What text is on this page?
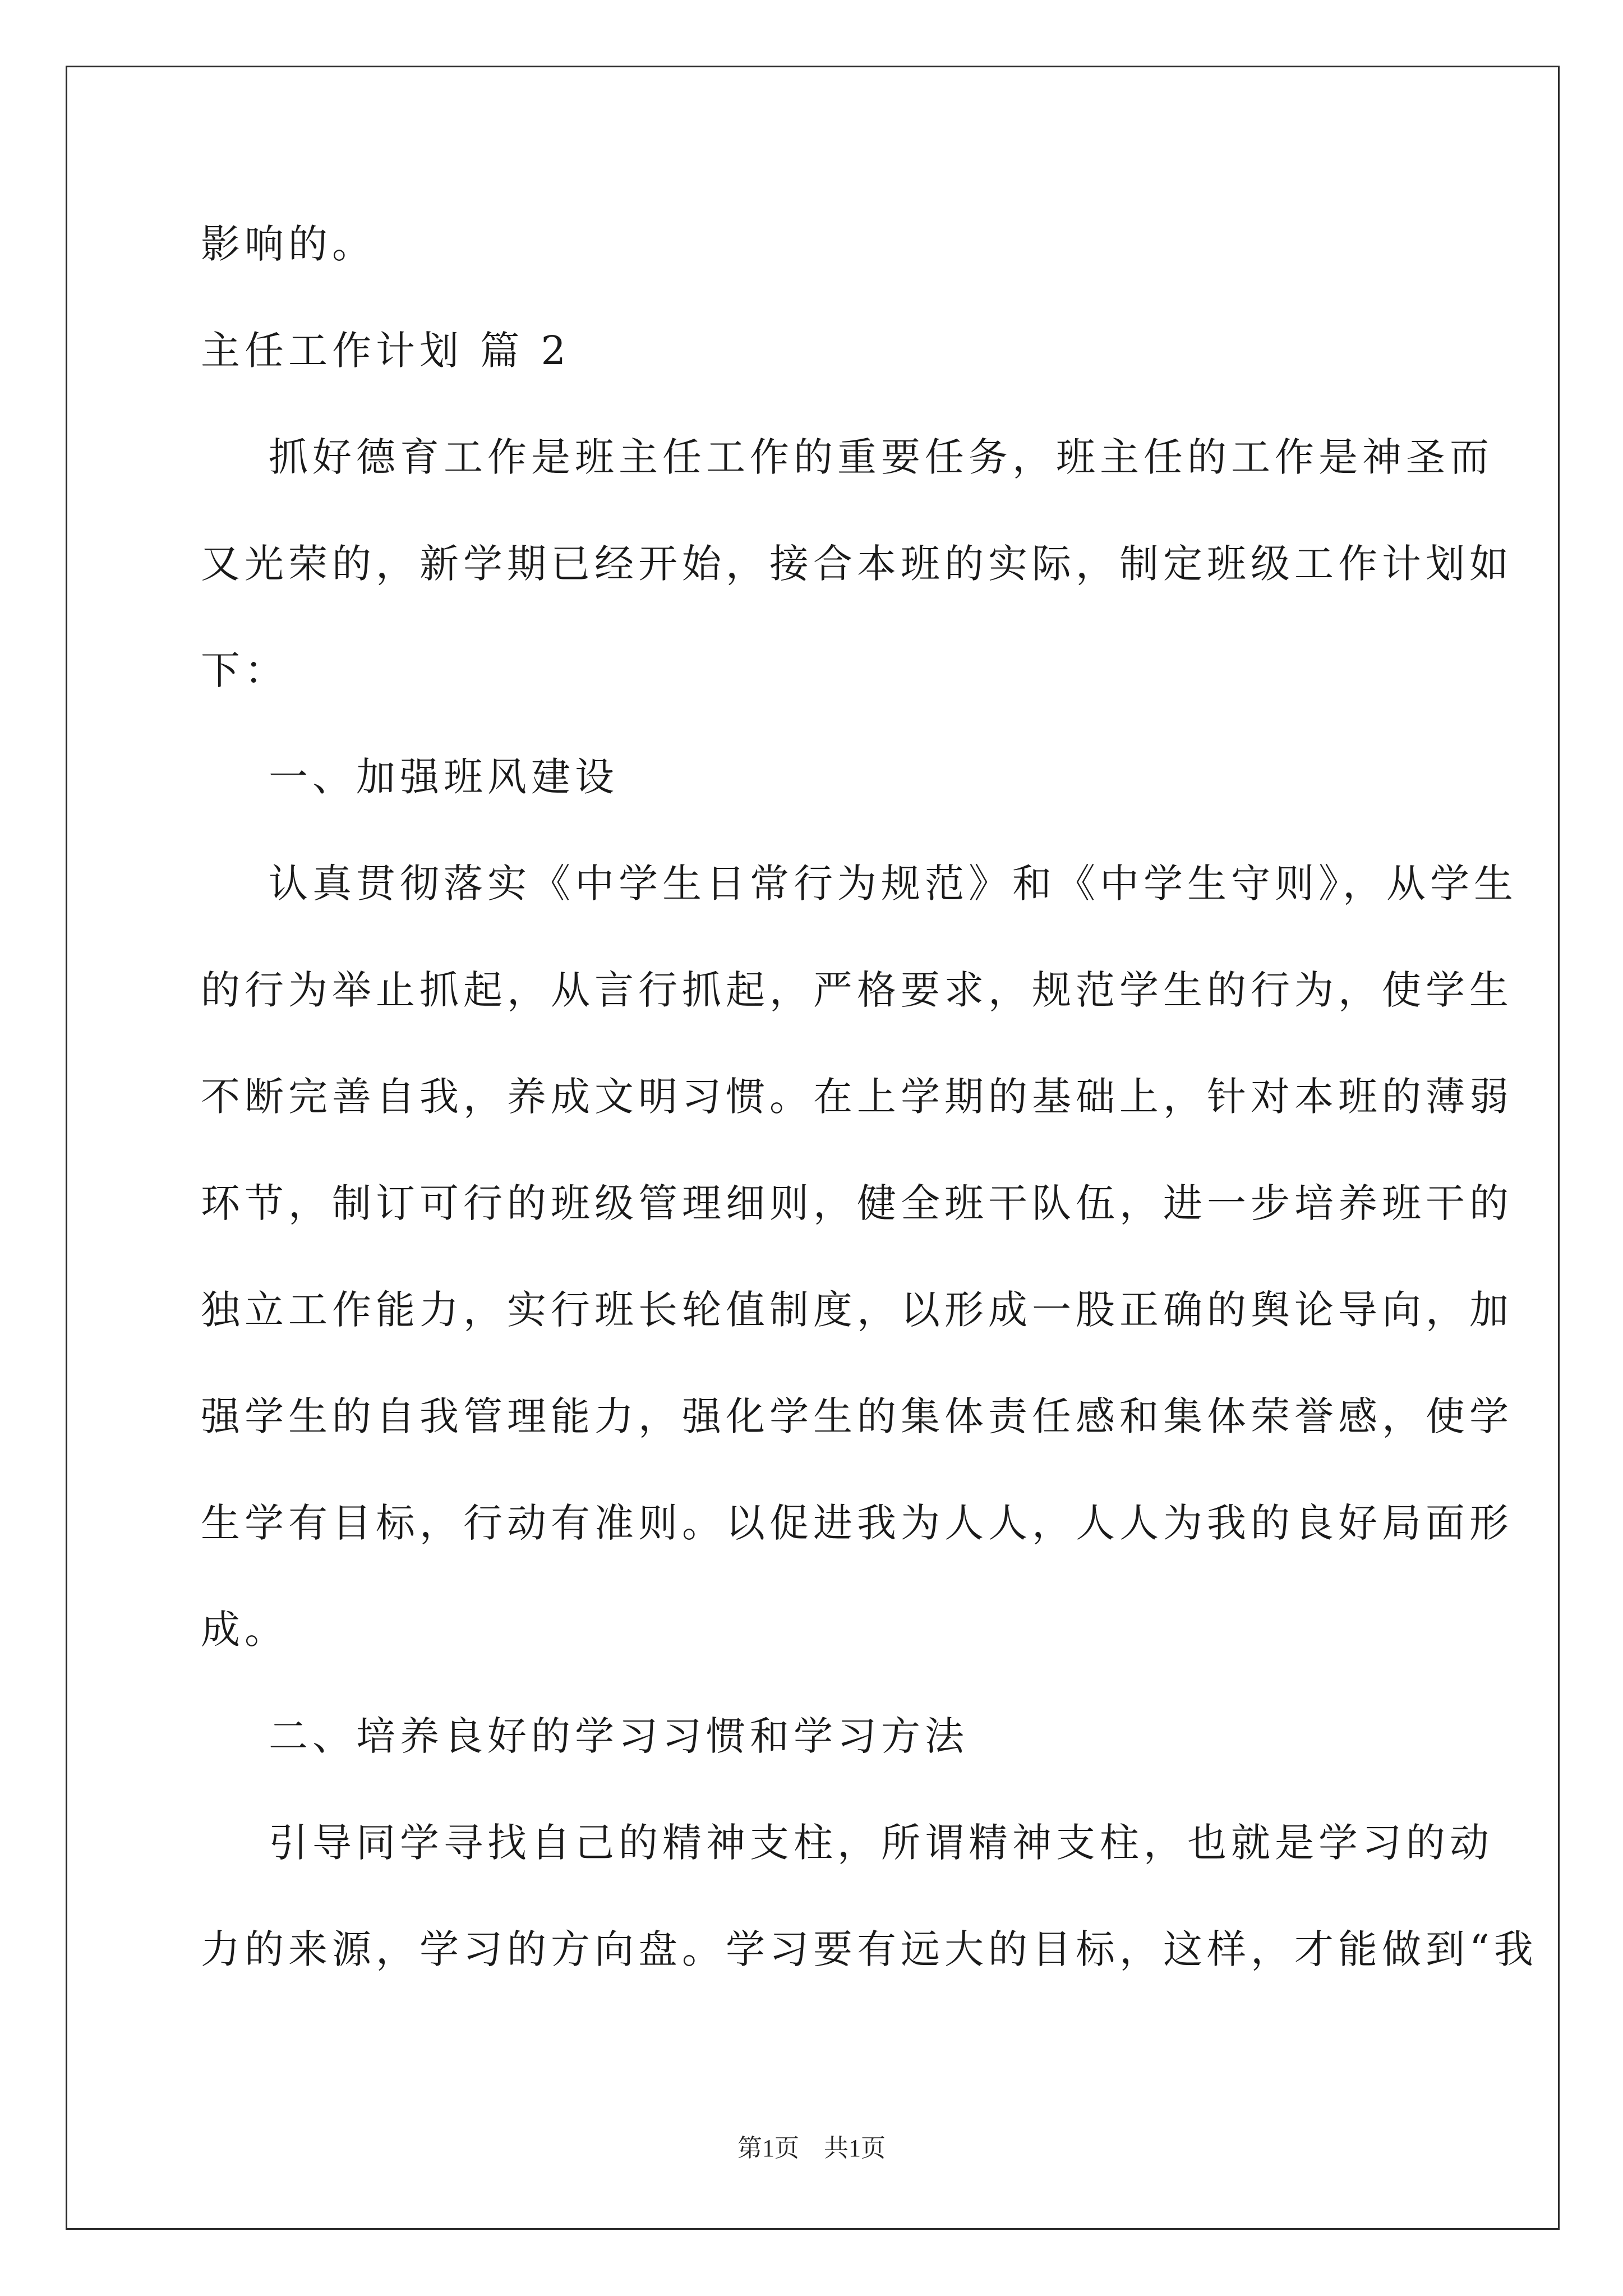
影响的。
主任工作计划 篇 2
抓好德育工作是班主任工作的重要任务，班主任的工作是神圣而
又光荣的，新学期已经开始，接合本班的实际，制定班级工作计划如
下：
一、加强班风建设
认真贯彻落实《中学生日常行为规范》和《中学生守则》，从学生
的行为举止抓起，从言行抓起，严格要求，规范学生的行为，使学生
不断完善自我，养成文明习惯。在上学期的基础上，针对本班的薄弱
环节，制订可行的班级管理细则，健全班干队伍，进一步培养班干的
独立工作能力，实行班长轮值制度，以形成一股正确的舆论导向，加
强学生的自我管理能力，强化学生的集体责任感和集体荣誉感，使学
生学有目标，行动有准则。以促进我为人人，人人为我的良好局面形
成。
二、培养良好的学习习惯和学习方法
引导同学寻找自己的精神支柱，所谓精神支柱，也就是学习的动
力的来源，学习的方向盘。学习要有远大的目标，这样，才能做到“我
第1页　共1页
